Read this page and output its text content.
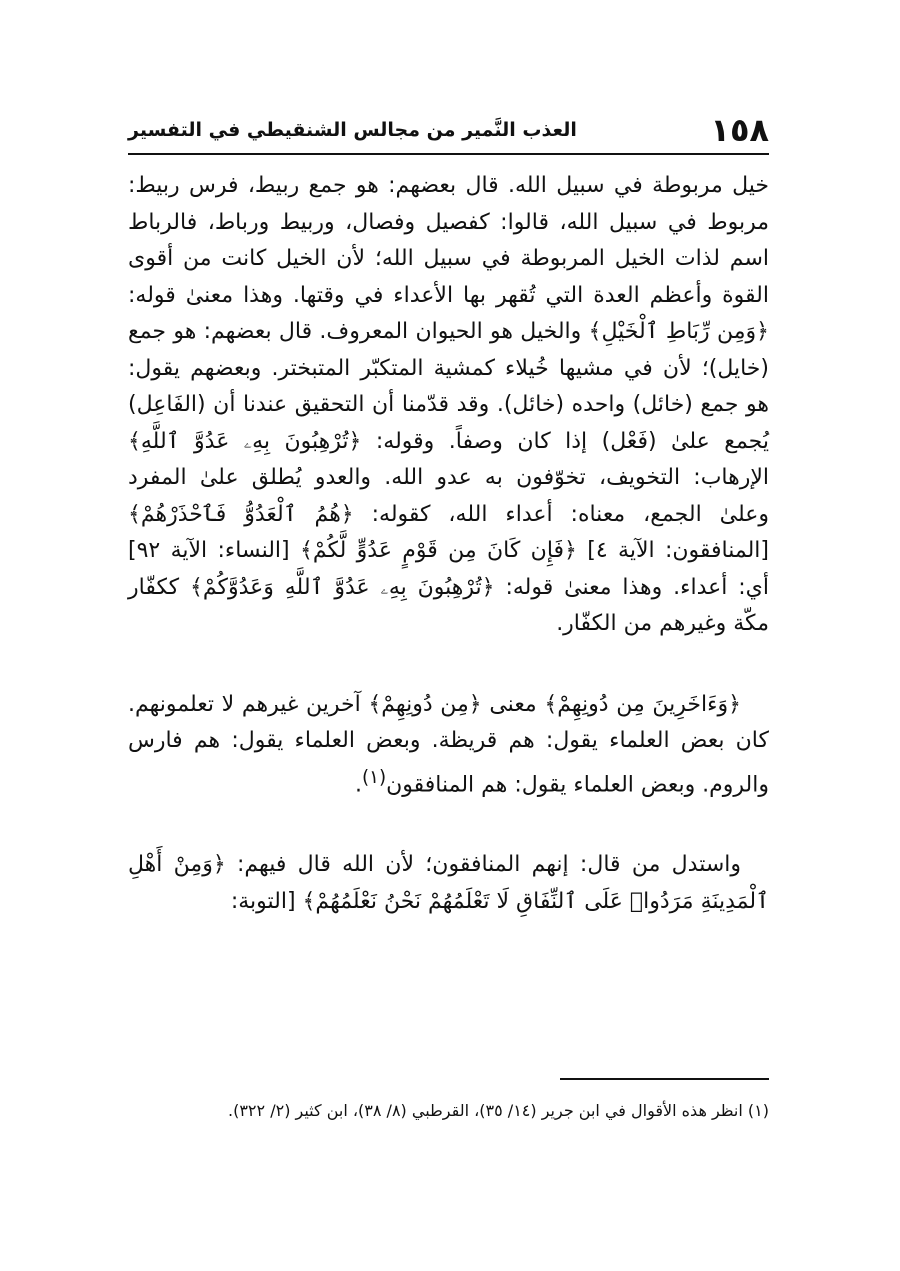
١٥٨
العذب النَّمير من مجالس الشنقيطي في التفسير

خيل مربوطة في سبيل الله. قال بعضهم: هو جمع ربيط، فرس ربيط: مربوط في سبيل الله، قالوا: كفصيل وفصال، وربيط ورباط، فالرباط اسم لذات الخيل المربوطة في سبيل الله؛ لأن الخيل كانت من أقوى القوة وأعظم العدة التي تُقهر بها الأعداء في وقتها. وهذا معنىٰ قوله: ﴿وَمِن رِّبَاطِ ٱلْخَيْلِ﴾ والخيل هو الحيوان المعروف. قال بعضهم: هو جمع (خايل)؛ لأن في مشيها خُيلاء كمشية المتكبّر المتبختر. وبعضهم يقول: هو جمع (خائل) واحده (خائل). وقد قدّمنا أن التحقيق عندنا أن (الفَاعِل) يُجمع علىٰ (فَعْل) إذا كان وصفاً. وقوله: ﴿تُرْهِبُونَ بِهِۦ عَدُوَّ ٱللَّهِ﴾ الإرهاب: التخويف، تخوّفون به عدو الله. والعدو يُطلق علىٰ المفرد وعلىٰ الجمع، معناه: أعداء الله، كقوله: ﴿هُمُ ٱلْعَدُوُّ فَٱحْذَرْهُمْ﴾ [المنافقون: الآية ٤] ﴿فَإِن كَانَ مِن قَوْمٍ عَدُوٍّ لَّكُمْ﴾ [النساء: الآية ٩٢] أي: أعداء. وهذا معنىٰ قوله: ﴿تُرْهِبُونَ بِهِۦ عَدُوَّ ٱللَّهِ وَعَدُوَّكُمْ﴾ ككفّار مكّة وغيرهم من الكفّار.

﴿وَءَاخَرِينَ مِن دُونِهِمْ﴾ معنى ﴿مِن دُونِهِمْ﴾ آخرين غيرهم لا تعلمونهم. كان بعض العلماء يقول: هم قريظة. وبعض العلماء يقول: هم فارس والروم. وبعض العلماء يقول: هم المنافقون$^{(١)}$.

واستدل من قال: إنهم المنافقون؛ لأن الله قال فيهم: ﴿وَمِنْ أَهْلِ ٱلْمَدِينَةِ مَرَدُوا۟ عَلَى ٱلنِّفَاقِ لَا تَعْلَمُهُمْ نَحْنُ نَعْلَمُهُمْ﴾ [التوبة:

(١) انظر هذه الأقوال في ابن جرير (١٤/ ٣٥)، القرطبي (٨/ ٣٨)، ابن كثير (٢/ ٣٢٢).
